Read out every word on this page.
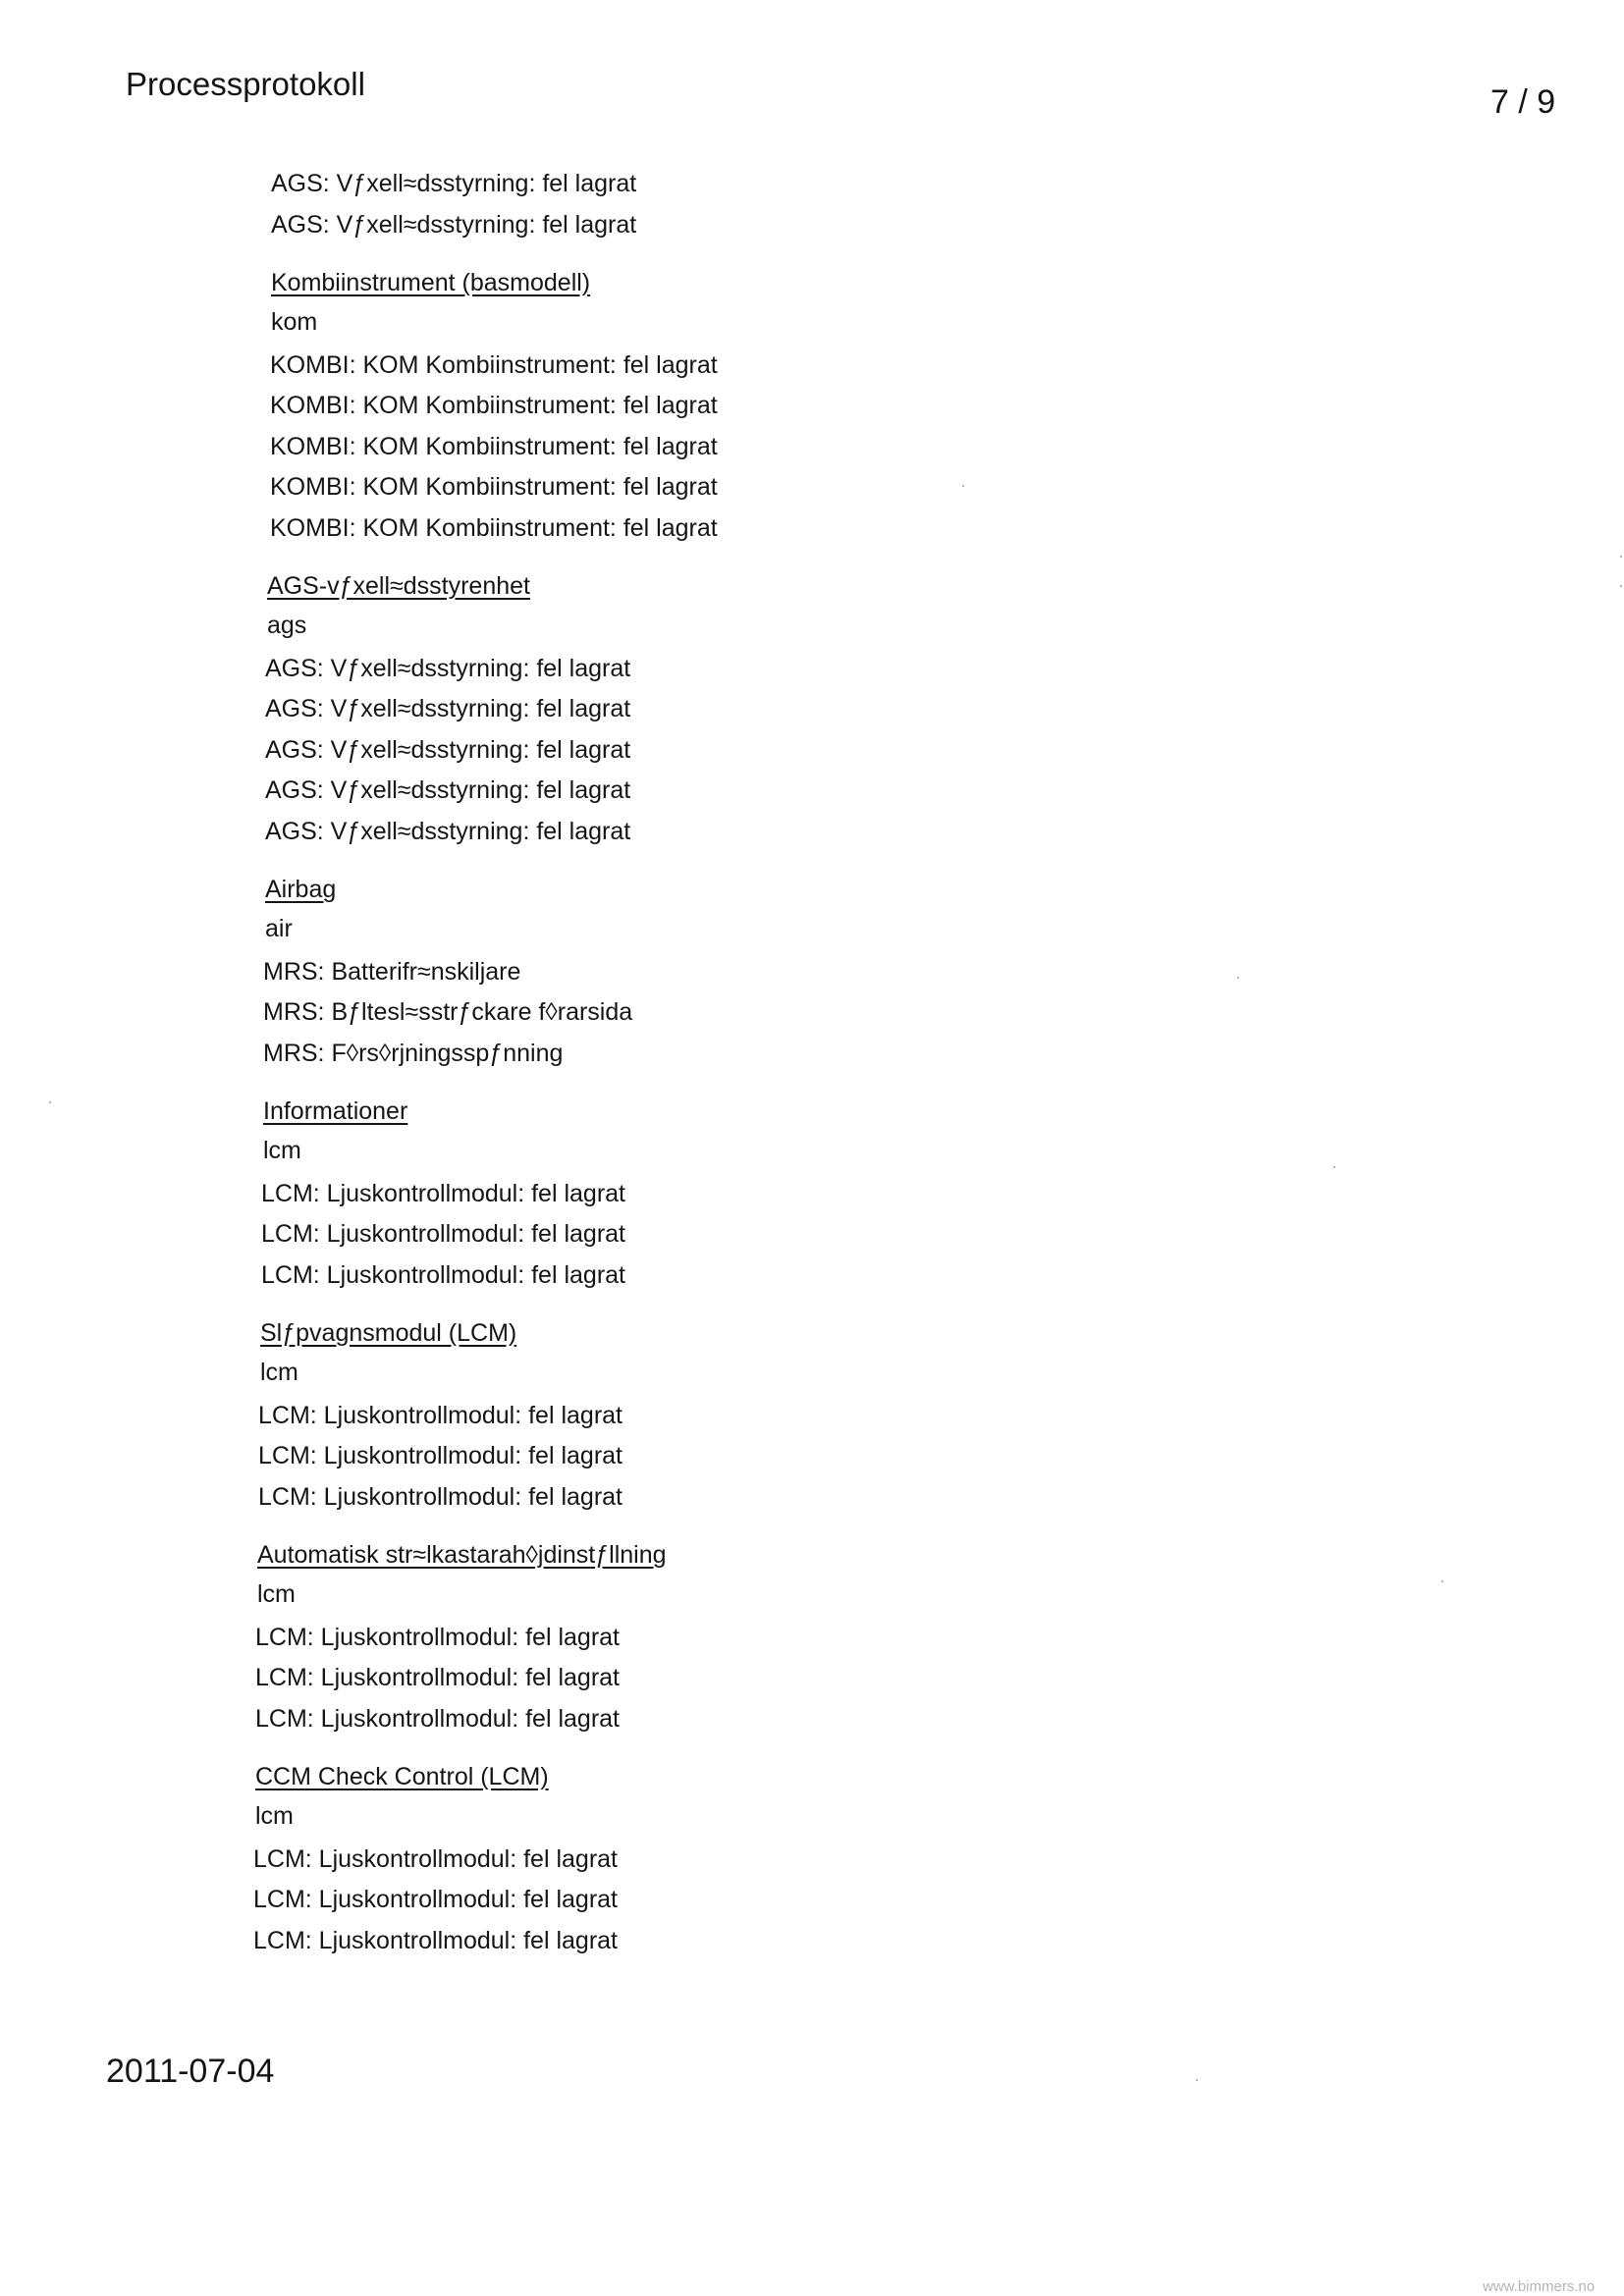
Processprotokoll	7 / 9
AGS: Vƒxell≈dsstyrning: fel lagrat
AGS: Vƒxell≈dsstyrning: fel lagrat
Kombiinstrument (basmodell)
kom
KOMBI: KOM Kombiinstrument: fel lagrat
KOMBI: KOM Kombiinstrument: fel lagrat
KOMBI: KOM Kombiinstrument: fel lagrat
KOMBI: KOM Kombiinstrument: fel lagrat
KOMBI: KOM Kombiinstrument: fel lagrat
AGS-vƒxell≈dsstyrenhet
ags
AGS: Vƒxell≈dsstyrning: fel lagrat
AGS: Vƒxell≈dsstyrning: fel lagrat
AGS: Vƒxell≈dsstyrning: fel lagrat
AGS: Vƒxell≈dsstyrning: fel lagrat
AGS: Vƒxell≈dsstyrning: fel lagrat
Airbag
air
MRS: Batterifr≈nskiljare
MRS: Bƒltesl≈sstrƒckare f◊rarsida
MRS: F◊rs◊rjningsspƒnning
Informationer
lcm
LCM: Ljuskontrollmodul: fel lagrat
LCM: Ljuskontrollmodul: fel lagrat
LCM: Ljuskontrollmodul: fel lagrat
Slƒpvagnsmodul (LCM)
lcm
LCM: Ljuskontrollmodul: fel lagrat
LCM: Ljuskontrollmodul: fel lagrat
LCM: Ljuskontrollmodul: fel lagrat
Automatisk str≈lkastarah◊jdinstƒllning
lcm
LCM: Ljuskontrollmodul: fel lagrat
LCM: Ljuskontrollmodul: fel lagrat
LCM: Ljuskontrollmodul: fel lagrat
CCM Check Control (LCM)
lcm
LCM: Ljuskontrollmodul: fel lagrat
LCM: Ljuskontrollmodul: fel lagrat
LCM: Ljuskontrollmodul: fel lagrat
2011-07-04
www.bimmers.no
